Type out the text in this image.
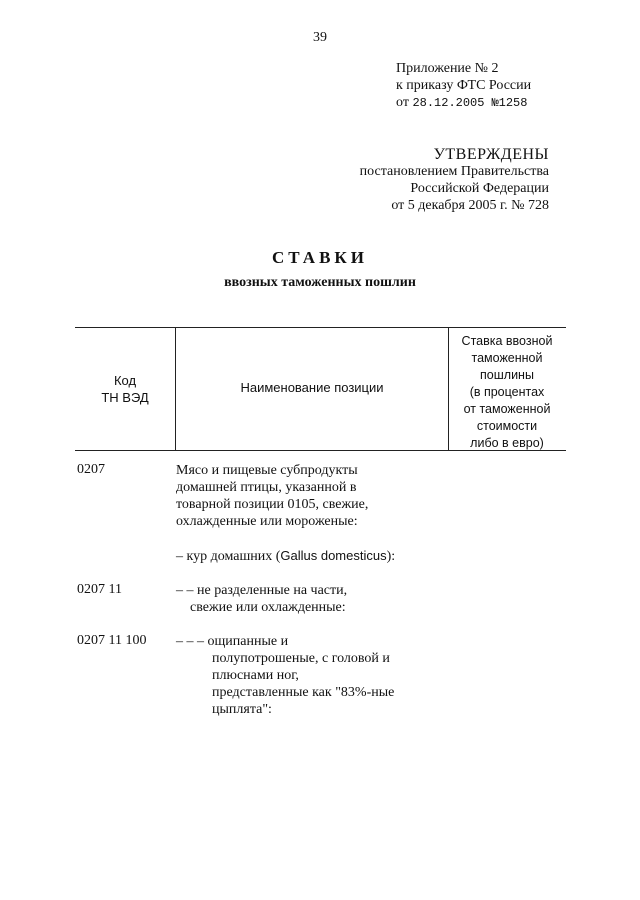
39
Приложение № 2
к приказу ФТС России
от 28.12.2005 №1258
УТВЕРЖДЕНЫ
постановлением Правительства
Российской Федерации
от 5 декабря 2005 г. № 728
СТАВКИ
ввозных таможенных пошлин
Код
ТН ВЭД
Наименование позиции
Ставка ввозной
таможенной
пошлины
(в процентах
от таможенной
стоимости
либо в евро)
0207	Мясо и пищевые субпродукты
домашней птицы, указанной в
товарной позиции 0105, свежие,
охлажденные или мороженые:
– кур домашних (Gallus domesticus):
0207 11	– – не разделенные на части,
свежие или охлажденные:
0207 11 100 – – – ощипанные и
полупотрошеные, с головой и
плюснами ног,
представленные как "83%-ные
цыплята":
